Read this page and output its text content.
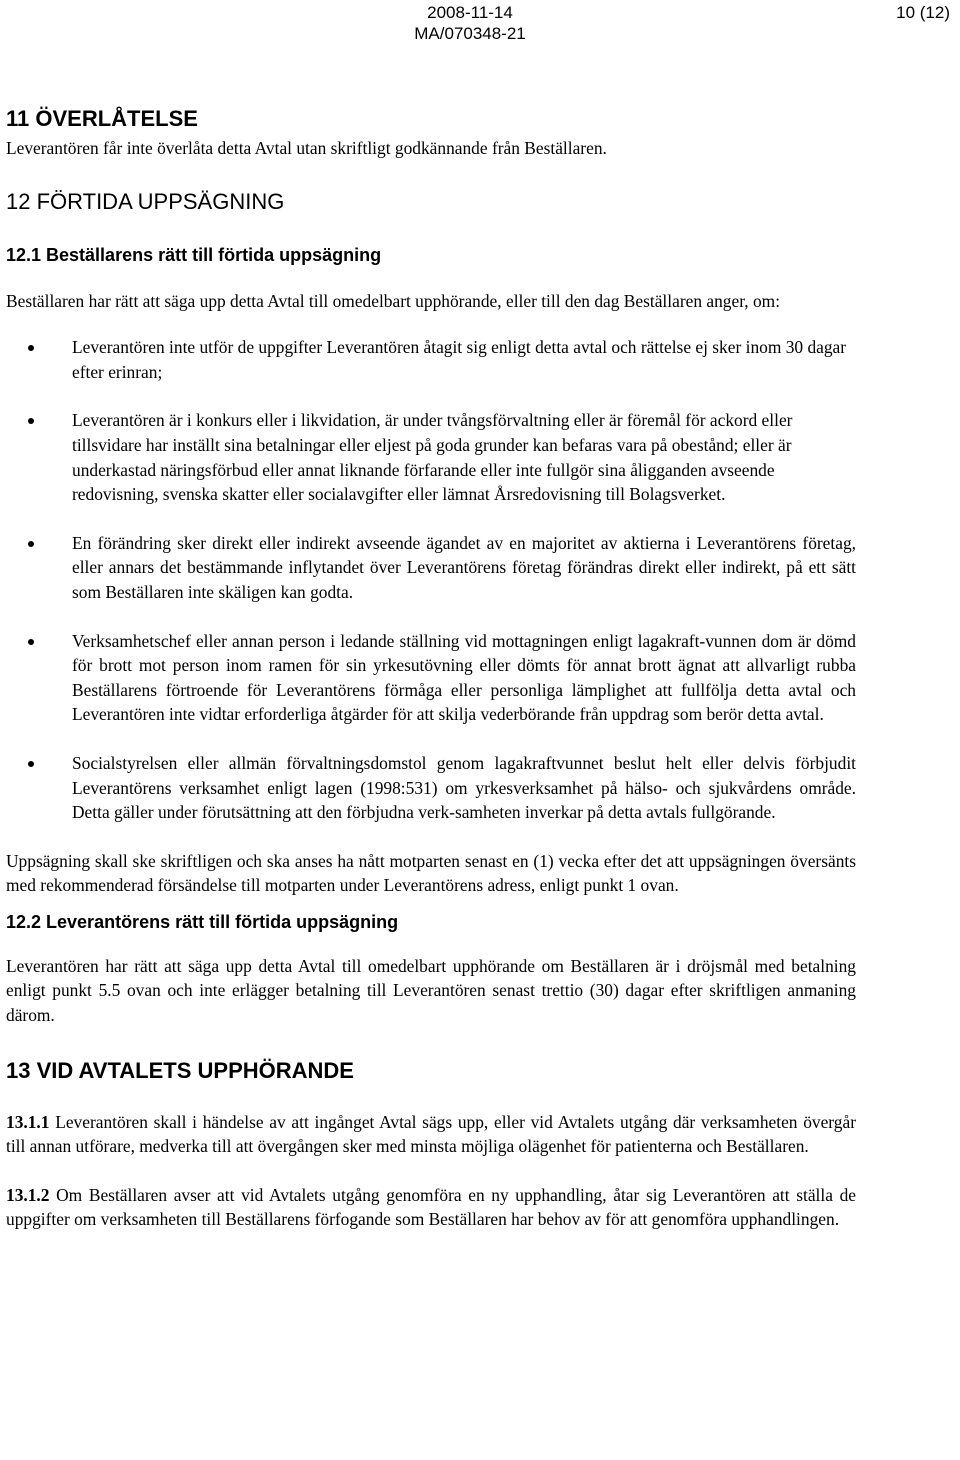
2008-11-14
MA/070348-21
10 (12)
11 ÖVERLÅTELSE

Leverantören får inte överlåta detta Avtal utan skriftligt godkännande från Beställaren.

12 FÖRTIDA UPPSÄGNING
12.1 Beställarens rätt till förtida uppsägning

Beställaren har rätt att säga upp detta Avtal till omedelbart upphörande, eller till den dag Beställaren anger, om:

Leverantören inte utför de uppgifter Leverantören åtagit sig enligt detta avtal och rättelse ej sker inom 30 dagar efter erinran;

Leverantören är i konkurs eller i likvidation, är under tvångsförvaltning eller är föremål för ackord eller tillsvidare har inställt sina betalningar eller eljest på goda grunder kan befaras vara på obestånd; eller är underkastad näringsförbud eller annat liknande förfarande eller inte fullgör sina åligganden avseende redovisning, svenska skatter eller socialavgifter eller lämnat Årsredovisning till Bolagsverket.

En förändring sker direkt eller indirekt avseende ägandet av en majoritet av aktierna i Leverantörens företag, eller annars det bestämmande inflytandet över Leverantörens företag förändras direkt eller indirekt, på ett sätt som Beställaren inte skäligen kan godta.

Verksamhetschef eller annan person i ledande ställning vid mottagningen enligt lagakraft-vunnen dom är dömd för brott mot person inom ramen för sin yrkesutövning eller dömts för annat brott ägnat att allvarligt rubba Beställarens förtroende för Leverantörens förmåga eller personliga lämplighet att fullfölja detta avtal och Leverantören inte vidtar erforderliga åtgärder för att skilja vederbörande från uppdrag som berör detta avtal.

Socialstyrelsen eller allmän förvaltningsdomstol genom lagakraftvunnet beslut helt eller delvis förbjudit Leverantörens verksamhet enligt lagen (1998:531) om yrkesverksamhet på hälso- och sjukvårdens område. Detta gäller under förutsättning att den förbjudna verk-samheten inverkar på detta avtals fullgörande.

Uppsägning skall ske skriftligen och ska anses ha nått motparten senast en (1) vecka efter det att uppsägningen översänts med rekommenderad försändelse till motparten under Leverantörens adress, enligt punkt 1 ovan.

12.2 Leverantörens rätt till förtida uppsägning

Leverantören har rätt att säga upp detta Avtal till omedelbart upphörande om Beställaren är i dröjsmål med betalning enligt punkt 5.5 ovan och inte erlägger betalning till Leverantören senast trettio (30) dagar efter skriftligen anmaning därom.

13 VID AVTALETS UPPHÖRANDE

13.1.1 Leverantören skall i händelse av att ingånget Avtal sägs upp, eller vid Avtalets utgång där verksamheten övergår till annan utförare, medverka till att övergången sker med minsta möjliga olägenhet för patienterna och Beställaren.

13.1.2 Om Beställaren avser att vid Avtalets utgång genomföra en ny upphandling, åtar sig Leverantören att ställa de uppgifter om verksamheten till Beställarens förfogande som Beställaren har behov av för att genomföra upphandlingen.
